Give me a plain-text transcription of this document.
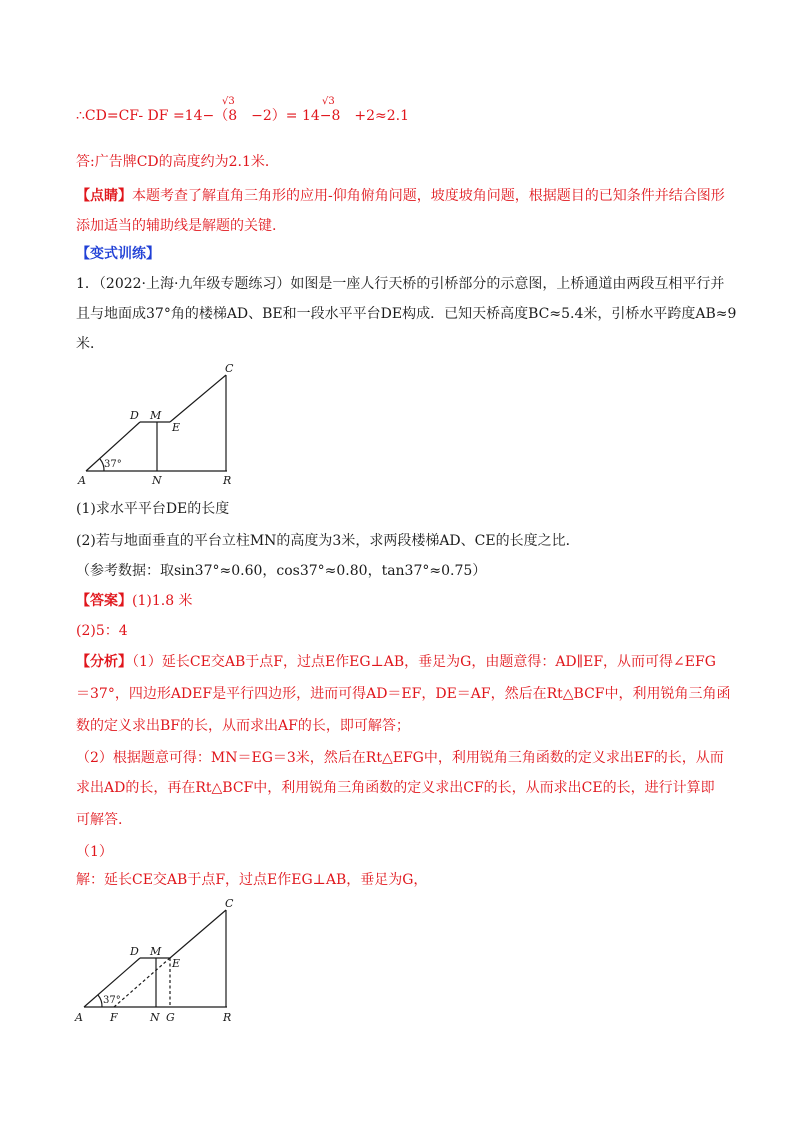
∴CD=CF- DF =14−（8 −2）= 14−8 +2≈2.1
√3	√3
答:广告牌CD的高度约为2.1米．
【点睛】本题考查了解直角三角形的应用-仰角俯角问题，坡度坡角问题，根据题目的已知条件并结合图形
添加适当的辅助线是解题的关键.
【变式训练】
1．（2022·上海·九年级专题练习）如图是一座人行天桥的引桥部分的示意图，上桥通道由两段互相平行并
且与地面成37°角的楼梯AD、BE和一段水平平台DE构成．已知天桥高度BC≈5.4米，引桥水平跨度AB≈9
米．
A	N	R
D M
E
C
37°
(1)求水平平台DE的长度
(2)若与地面垂直的平台立柱MN的高度为3米，求两段楼梯AD、CE的长度之比．
（参考数据：取sin37°≈0.60，cos37°≈0.80，tan37°≈0.75）
【答案】(1)1.8 米
(2)5：4
【分析】（1）延长CE交AB于点F，过点E作EG⊥AB，垂足为G，由题意得：AD∥EF，从而可得∠EFG
＝37°，四边形ADEF是平行四边形，进而可得AD＝EF，DE＝AF，然后在Rt△BCF中，利用锐角三角函
数的定义求出BF的长，从而求出AF的长，即可解答；
（2）根据题意可得：MN＝EG＝3米，然后在Rt△EFG中，利用锐角三角函数的定义求出EF的长，从而
求出AD的长，再在Rt△BCF中，利用锐角三角函数的定义求出CF的长，从而求出CE的长，进行计算即
可解答.
（1）
解：延长CE交AB于点F，过点E作EG⊥AB，垂足为G，
A F	N G	R
D M
E
C
37°
